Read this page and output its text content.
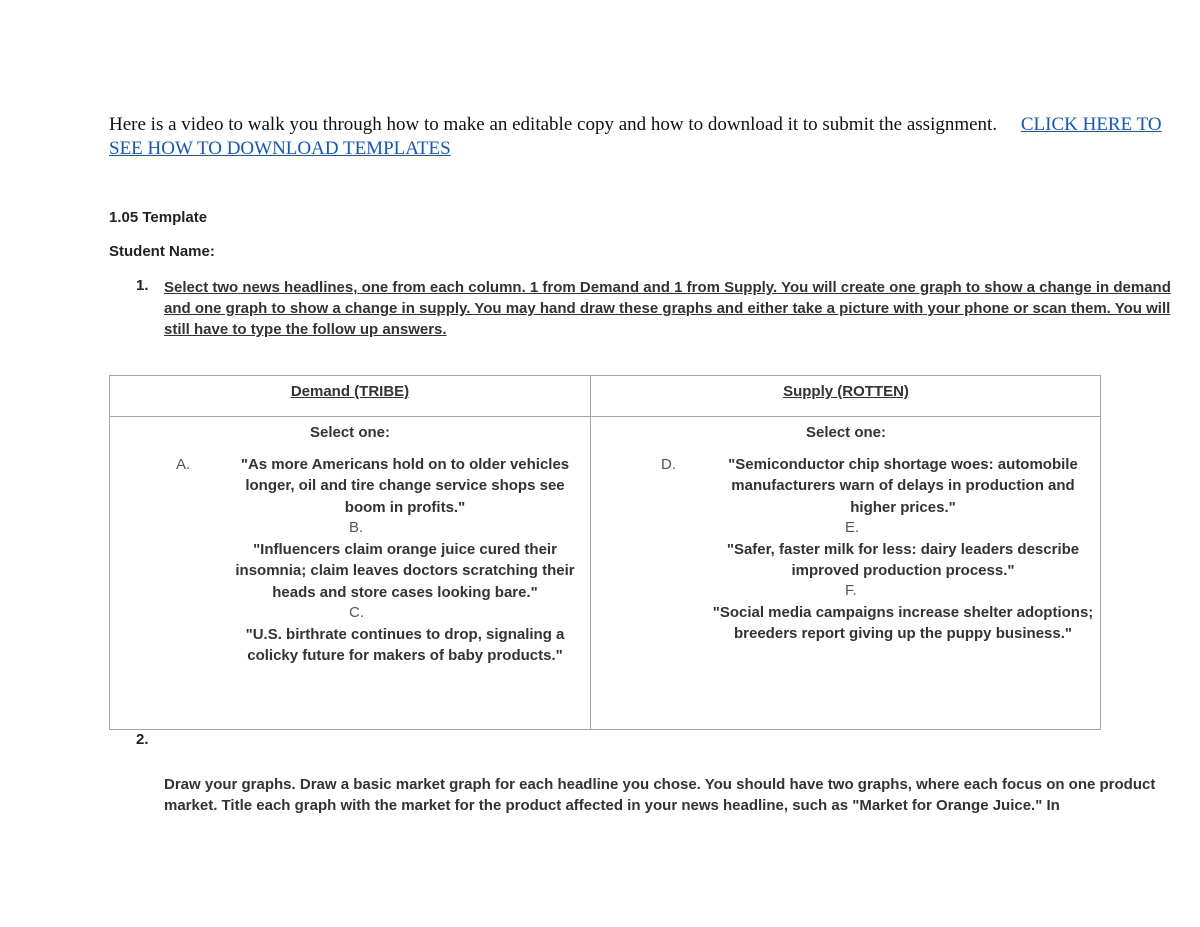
Here is a video to walk you through how to make an editable copy and how to download it to submit the assignment. CLICK HERE TO SEE HOW TO DOWNLOAD TEMPLATES
1.05 Template
Student Name:
1. Select two news headlines, one from each column. 1 from Demand and 1 from Supply. You will create one graph to show a change in demand and one graph to show a change in supply. You may hand draw these graphs and either take a picture with your phone or scan them. You will still have to type the follow up answers.
Demand (TRIBE)	Supply (ROTTEN)
Select one:	Select one:
A.	"As more Americans hold on to older vehicles longer, oil and tire change service shops see boom in profits."
B.
"Influencers claim orange juice cured their insomnia; claim leaves doctors scratching their heads and store cases looking bare."
C.
"U.S. birthrate continues to drop, signaling a colicky future for makers of baby products."
D.	"Semiconductor chip shortage woes: automobile manufacturers warn of delays in production and higher prices."
E.
"Safer, faster milk for less: dairy leaders describe improved production process."
F.
"Social media campaigns increase shelter adoptions; breeders report giving up the puppy business."
2.
Draw your graphs. Draw a basic market graph for each headline you chose. You should have two graphs, where each focus on one product market. Title each graph with the market for the product affected in your news headline, such as "Market for Orange Juice." In
